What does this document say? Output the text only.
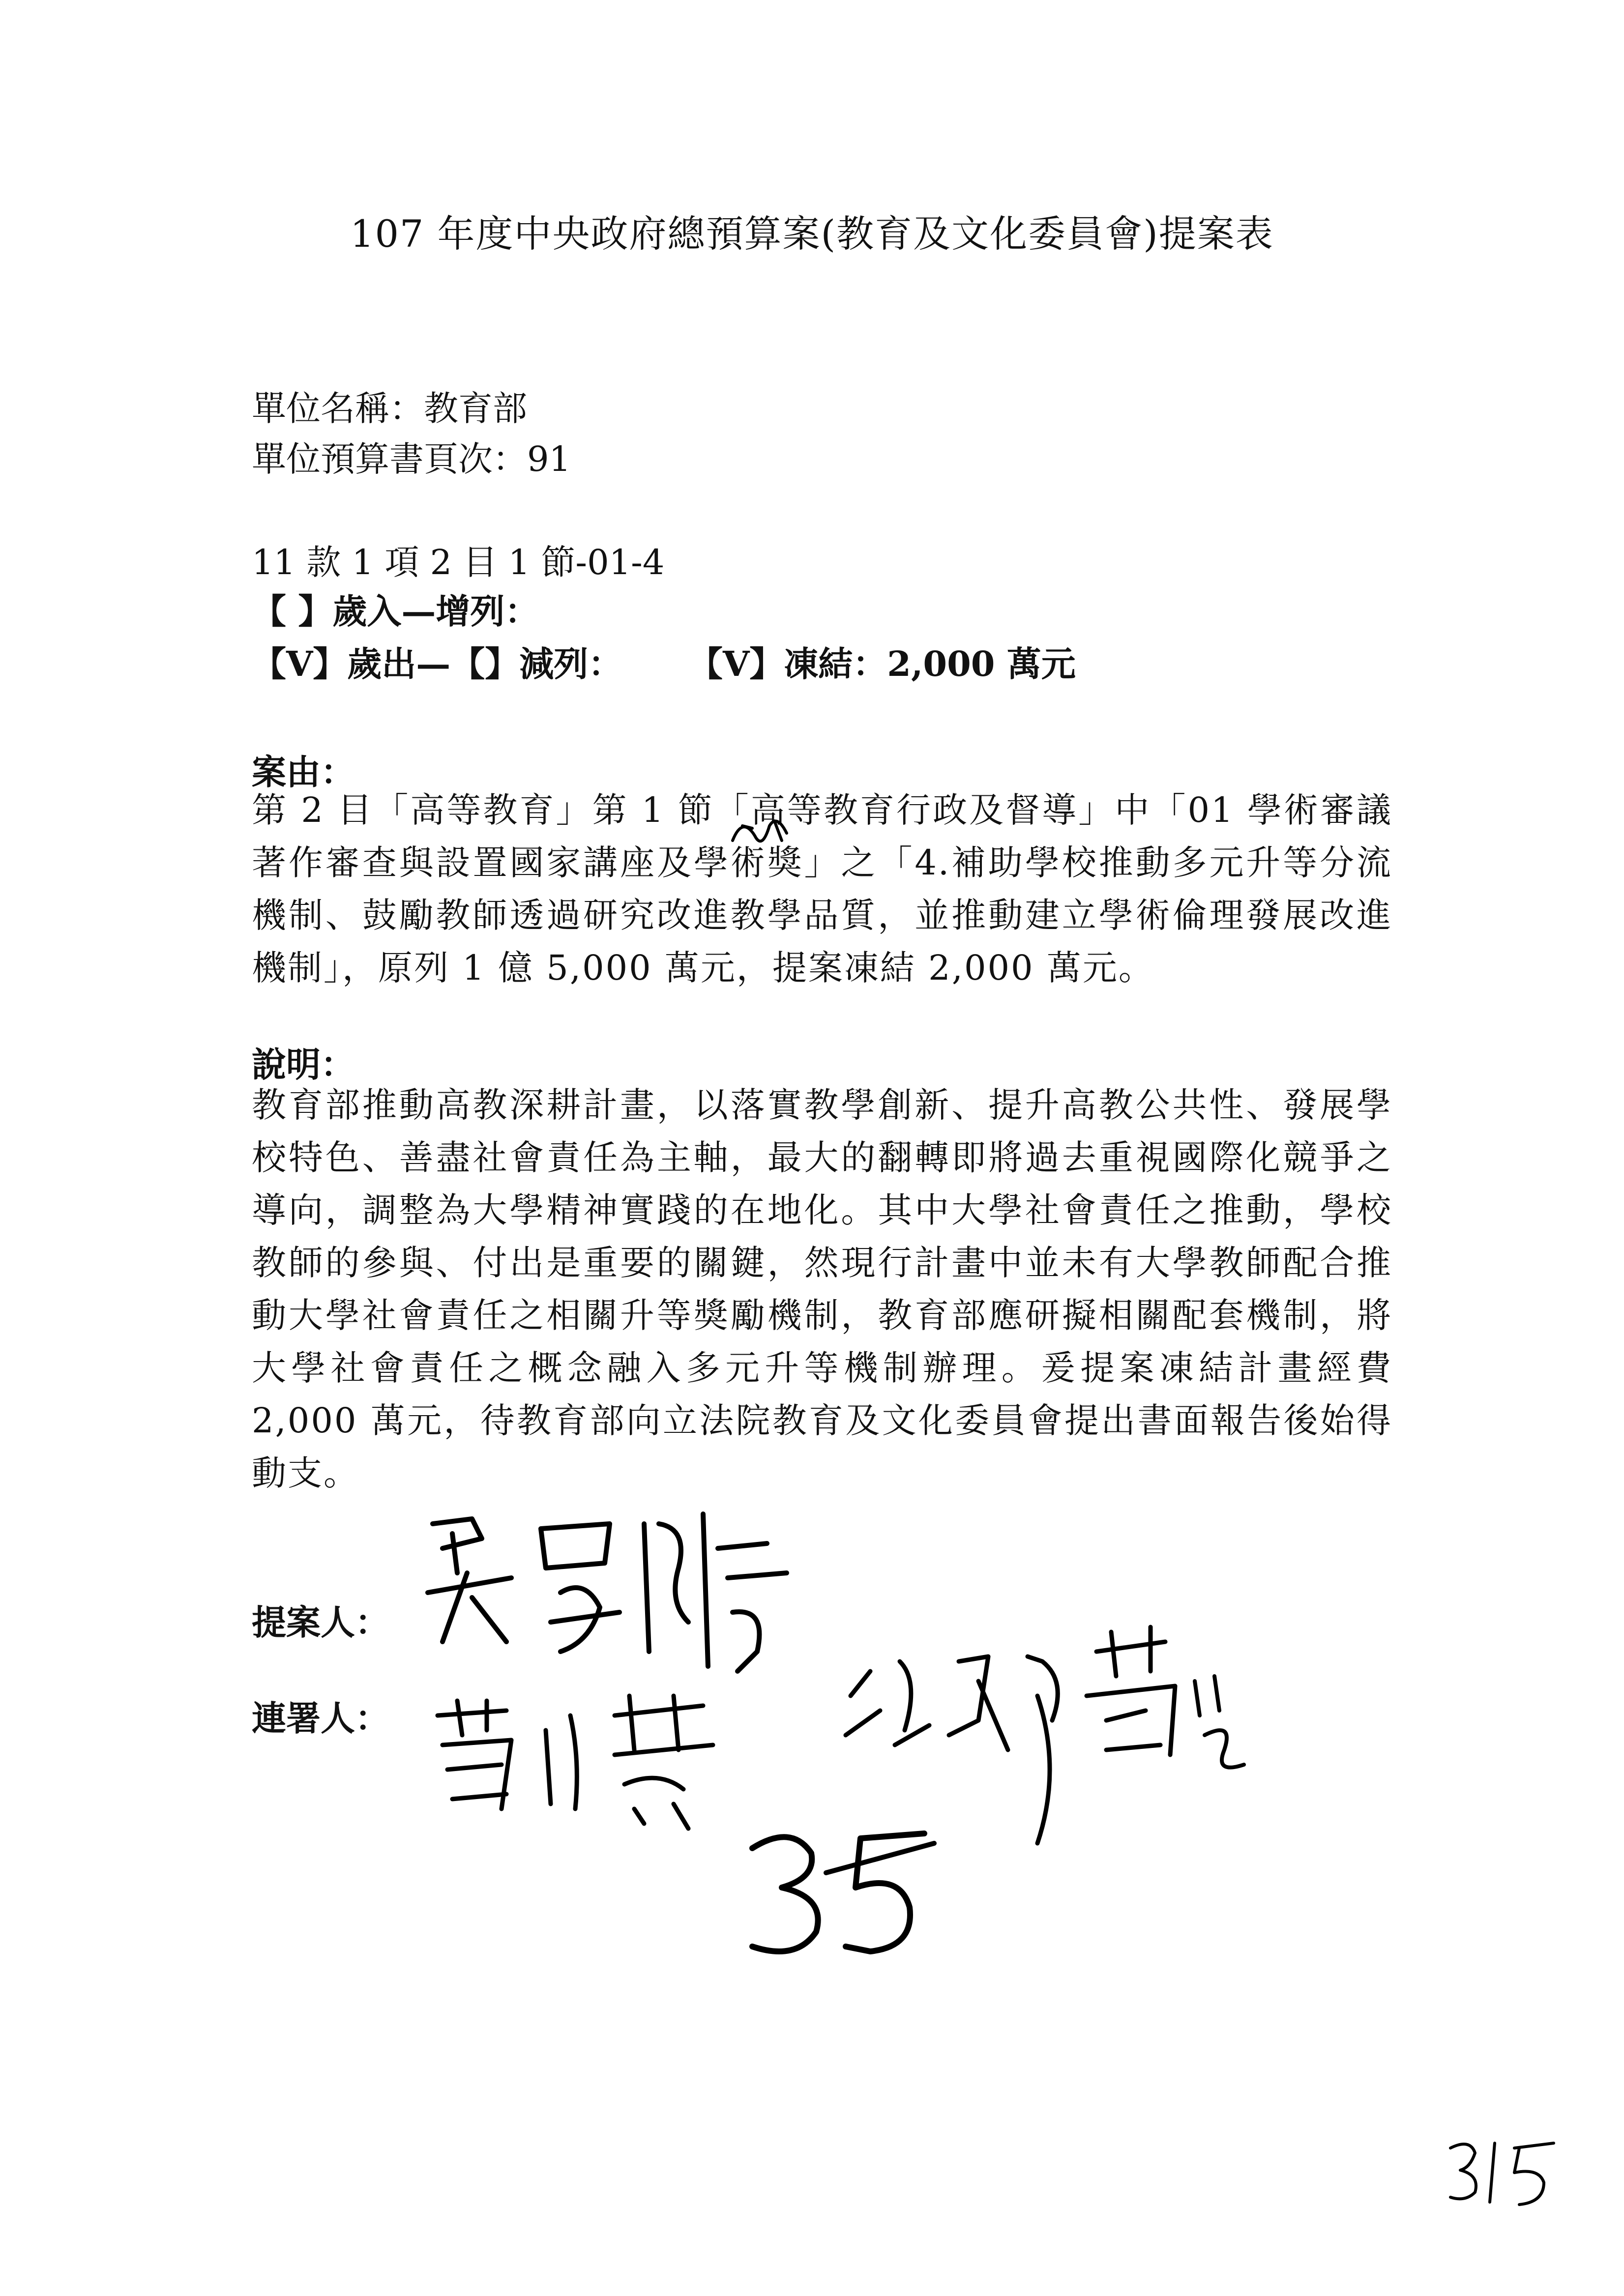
107 年度中央政府總預算案(教育及文化委員會)提案表
單位名稱：教育部
單位預算書頁次：91
11 款 1 項 2 目 1 節-01-4
【 】歲入—增列：
【V】歲出—【】減列： 【V】凍結：2,000 萬元
案由：
第 2 目「高等教育」第 1 節「高等教育行政及督導」中「01 學術審議著作審查與設置國家講座及學術獎」之「4.補助學校推動多元升等分流機制、鼓勵教師透過研究改進教學品質，並推動建立學術倫理發展改進機制」，原列 1 億 5,000 萬元，提案凍結 2,000 萬元。
說明：
教育部推動高教深耕計畫，以落實教學創新、提升高教公共性、發展學校特色、善盡社會責任為主軸，最大的翻轉即將過去重視國際化競爭之導向，調整為大學精神實踐的在地化。其中大學社會責任之推動，學校教師的參與、付出是重要的關鍵，然現行計畫中並未有大學教師配合推動大學社會責任之相關升等獎勵機制，教育部應研擬相關配套機制，將大學社會責任之概念融入多元升等機制辦理。爰提案凍結計畫經費 2,000 萬元，待教育部向立法院教育及文化委員會提出書面報告後始得動支。
提案人：
連署人：
